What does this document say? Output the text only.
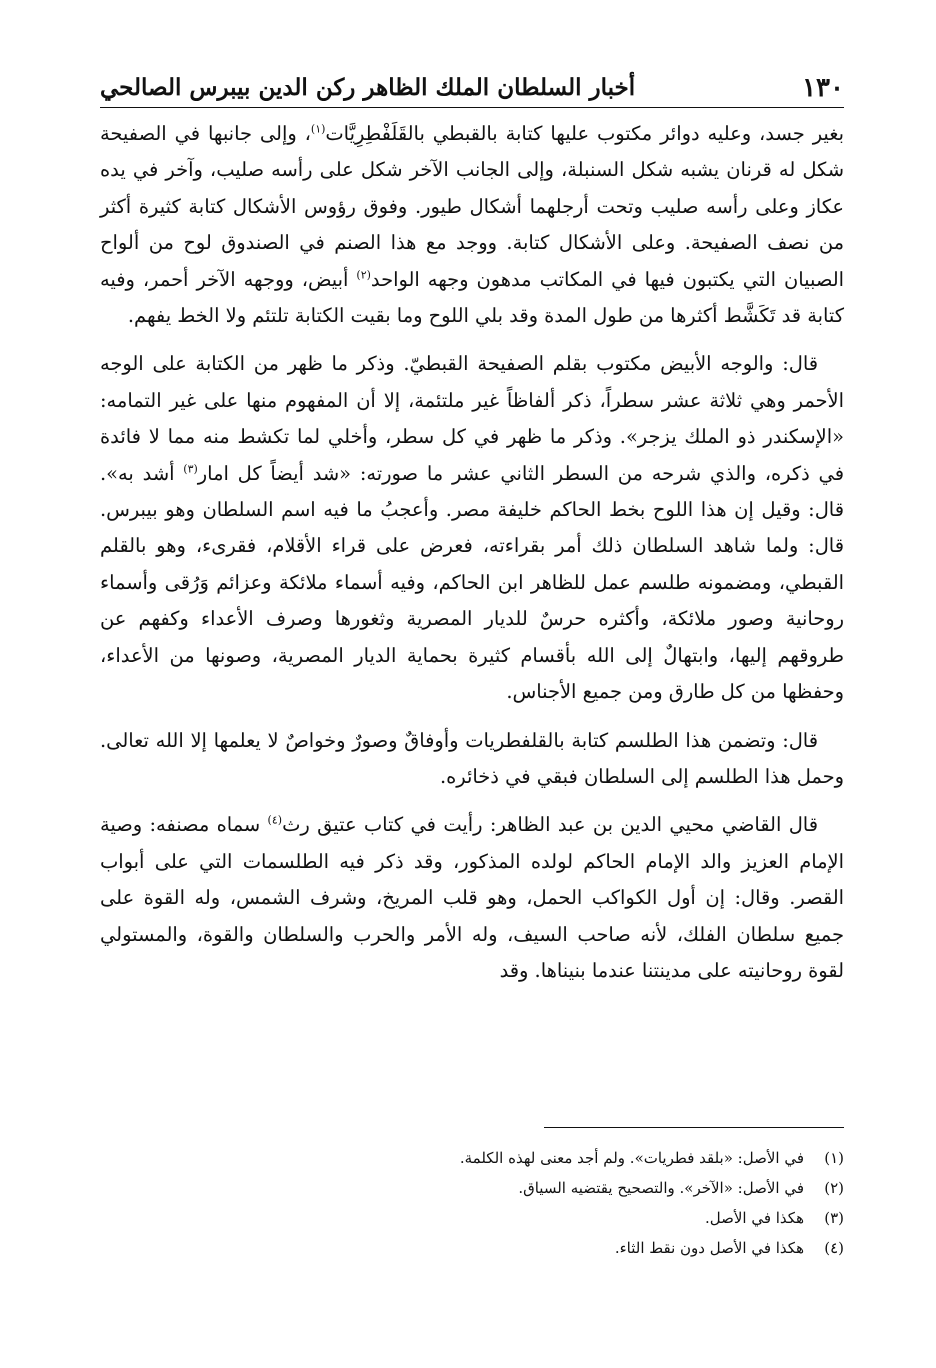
١٣٠
أخبار السلطان الملك الظاهر ركن الدين بيبرس الصالحي

بغير جسد، وعليه دوائر مكتوب عليها كتابة بالقبطي بالقَلَفْطِرِيَّات$^{(١)}$، وإلى جانبها في الصفيحة شكل له قرنان يشبه شكل السنبلة، وإلى الجانب الآخر شكل على رأسه صليب، وآخر في يده عكاز وعلى رأسه صليب وتحت أرجلهما أشكال طيور. وفوق رؤوس الأشكال كتابة كثيرة أكثر من نصف الصفيحة. وعلى الأشكال كتابة. ووجد مع هذا الصنم في الصندوق لوح من ألواح الصبيان التي يكتبون فيها في المكاتب مدهون وجهه الواحد$^{(٢)}$ أبيض، ووجهه الآخر أحمر، وفيه كتابة قد تَكَشَّط أكثرها من طول المدة وقد بلي اللوح وما بقيت الكتابة تلتئم ولا الخط يفهم.

قال: والوجه الأبيض مكتوب بقلم الصفيحة القبطيّ. وذكر ما ظهر من الكتابة على الوجه الأحمر وهي ثلاثة عشر سطراً، ذكر ألفاظاً غير ملتئمة، إلا أن المفهوم منها على غير التمامه: «الإسكندر ذو الملك يزجر». وذكر ما ظهر في كل سطر، وأخلي لما تكشط منه مما لا فائدة في ذكره، والذي شرحه من السطر الثاني عشر ما صورته: «شد أيضاً كل امار$^{(٣)}$ أشد به». قال: وقيل إن هذا اللوح بخط الحاكم خليفة مصر. وأعجبُ ما فيه اسم السلطان وهو بيبرس. قال: ولما شاهد السلطان ذلك أمر بقراءته، فعرض على قراء الأقلام، فقرىء، وهو بالقلم القبطي، ومضمونه طلسم عمل للظاهر ابن الحاكم، وفيه أسماء ملائكة وعزائم وَرُقى وأسماء روحانية وصور ملائكة، وأكثره حرسٌ للديار المصرية وثغورها وصرف الأعداء وكفهم عن طروقهم إليها، وابتهالٌ إلى الله بأقسام كثيرة بحماية الديار المصرية، وصونها من الأعداء، وحفظها من كل طارق ومن جميع الأجناس.

قال: وتضمن هذا الطلسم كتابة بالقلفطريات وأوفاقٌ وصورٌ وخواصٌ لا يعلمها إلا الله تعالى. وحمل هذا الطلسم إلى السلطان فبقي في ذخائره.

قال القاضي محيي الدين بن عبد الظاهر: رأيت في كتاب عتيق رث$^{(٤)}$ سماه مصنفه: وصية الإمام العزيز والد الإمام الحاكم لولده المذكور، وقد ذكر فيه الطلسمات التي على أبواب القصر. وقال: إن أول الكواكب الحمل، وهو قلب المريخ، وشرف الشمس، وله القوة على جميع سلطان الفلك، لأنه صاحب السيف، وله الأمر والحرب والسلطان والقوة، والمستولي لقوة روحانيته على مدينتنا عندما بنيناها. وقد

(١)
في الأصل: «بلقد فطريات». ولم أجد معنى لهذه الكلمة.
(٢)
في الأصل: «الآخر». والتصحيح يقتضيه السياق.
(٣)
هكذا في الأصل.
(٤)
هكذا في الأصل دون نقط الثاء.
